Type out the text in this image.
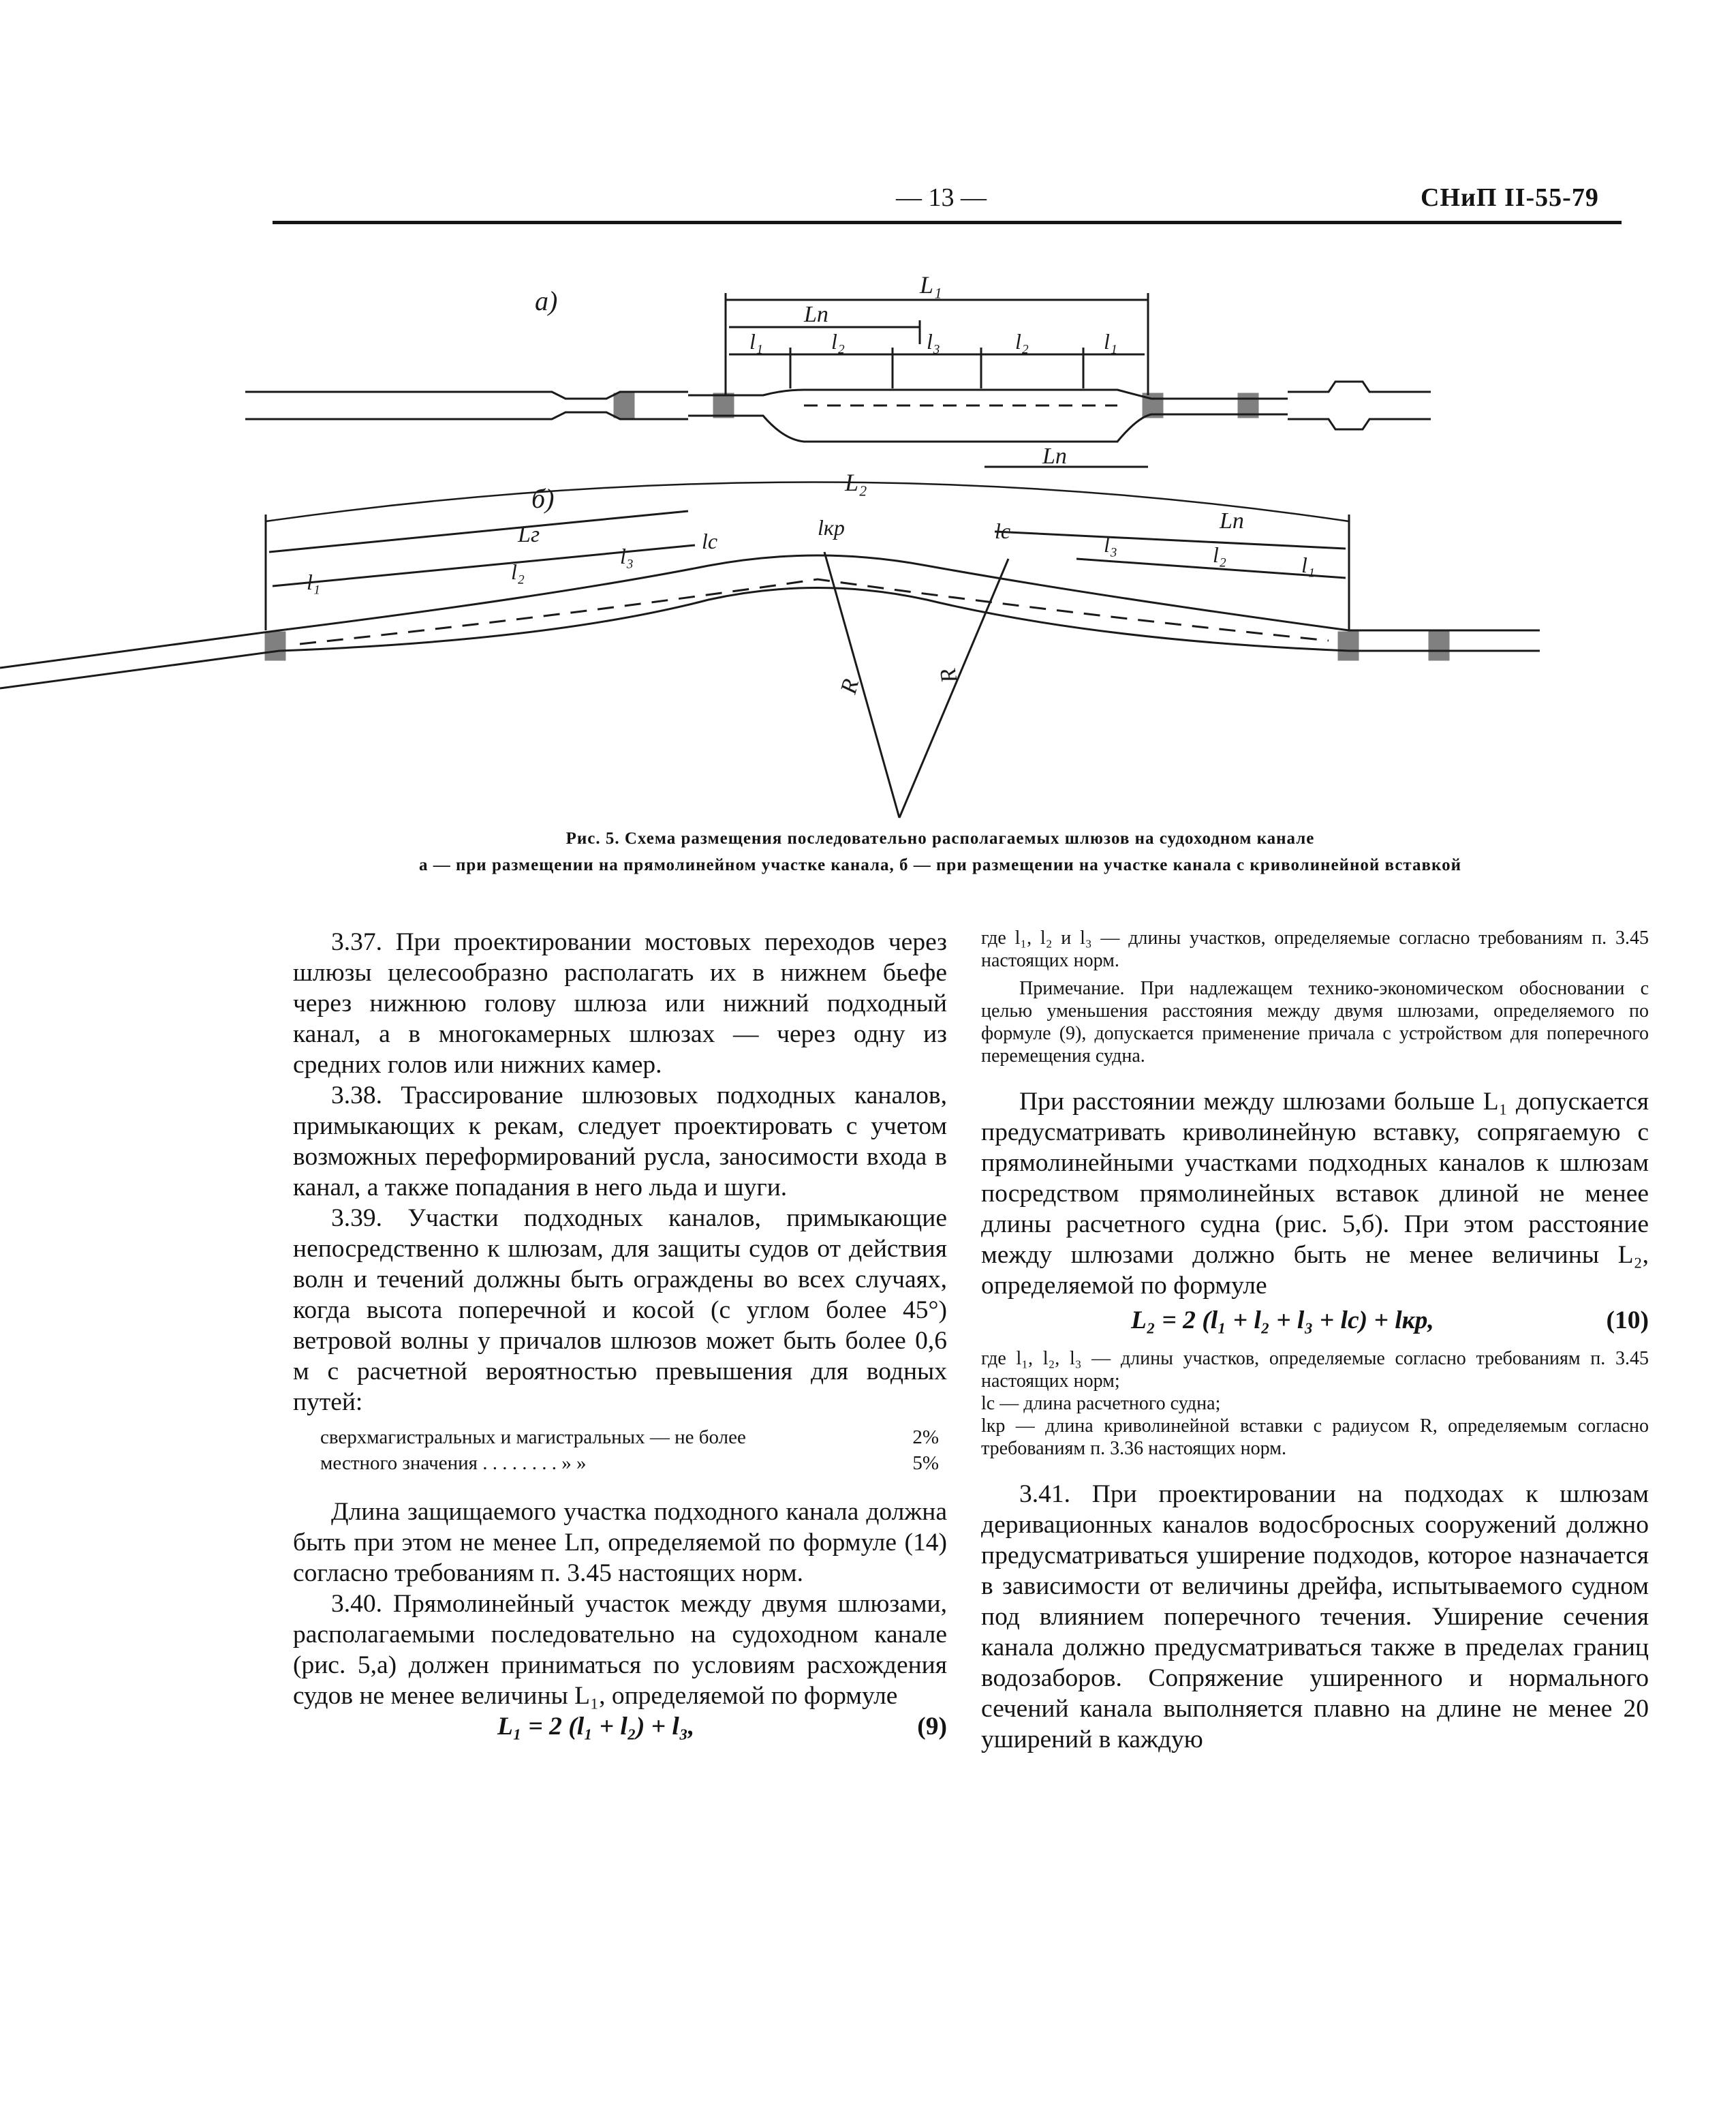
— 13 —	СНиП II-55-79
а)
L₁
Lп
l₁	l₂	l₃	l₂	l₁
Lп
б)
L₂
Lг
l₁	l₂
l₃
lc
lкр	lc	Lп
l₃	l₂	l₁
R
R
Рис. 5. Схема размещения последовательно располагаемых шлюзов на судоходном канале
а — при размещении на прямолинейном участке канала, б — при размещении на участке канала с криволинейной вставкой

3.37. При проектировании мостовых переходов через шлюзы целесообразно располагать их в нижнем бьефе через нижнюю голову шлюза или нижний подходный канал, а в многокамерных шлюзах — через одну из средних голов или нижних камер.

3.38. Трассирование шлюзовых подходных каналов, примыкающих к рекам, следует проектировать с учетом возможных переформирований русла, заносимости входа в канал, а также попадания в него льда и шуги.

3.39. Участки подходных каналов, примыкающие непосредственно к шлюзам, для защиты судов от действия волн и течений должны быть ограждены во всех случаях, когда высота поперечной и косой (с углом более 45°) ветровой волны у причалов шлюзов может быть более 0,6 м с расчетной вероятностью превышения для водных путей:

сверхмагистральных и магистральных — не более	2%
местного значения . . . . . . . . » »	5%

Длина защищаемого участка подходного канала должна быть при этом не менее Lп, определяемой по формуле (14) согласно требованиям п. 3.45 настоящих норм.

3.40. Прямолинейный участок между двумя шлюзами, располагаемыми последовательно на судоходном канале (рис. 5,а) должен приниматься по условиям расхождения судов не менее величины L₁, определяемой по формуле

L₁ = 2 (l₁ + l₂) + l₃,	(9)

где l₁, l₂ и l₃ — длины участков, определяемые согласно требованиям п. 3.45 настоящих норм.

Примечание. При надлежащем технико-экономическом обосновании с целью уменьшения расстояния между двумя шлюзами, определяемого по формуле (9), допускается применение причала с устройством для поперечного перемещения судна.

При расстоянии между шлюзами больше L₁ допускается предусматривать криволинейную вставку, сопрягаемую с прямолинейными участками подходных каналов к шлюзам посредством прямолинейных вставок длиной не менее длины расчетного судна (рис. 5,б). При этом расстояние между шлюзами должно быть не менее величины L₂, определяемой по формуле

L₂ = 2 (l₁ + l₂ + l₃ + lc) + lкр,	(10)

где l₁, l₂, l₃ — длины участков, определяемые согласно требованиям п. 3.45 настоящих норм;

lc — длина расчетного судна;

lкр — длина криволинейной вставки с радиусом R, определяемым согласно требованиям п. 3.36 настоящих норм.

3.41. При проектировании на подходах к шлюзам деривационных каналов водосбросных сооружений должно предусматриваться уширение подходов, которое назначается в зависимости от величины дрейфа, испытываемого судном под влиянием поперечного течения. Уширение сечения канала должно предусматриваться также в пределах границ водозаборов. Сопряжение уширенного и нормального сечений канала выполняется плавно на длине не менее 20 уширений в каждую
